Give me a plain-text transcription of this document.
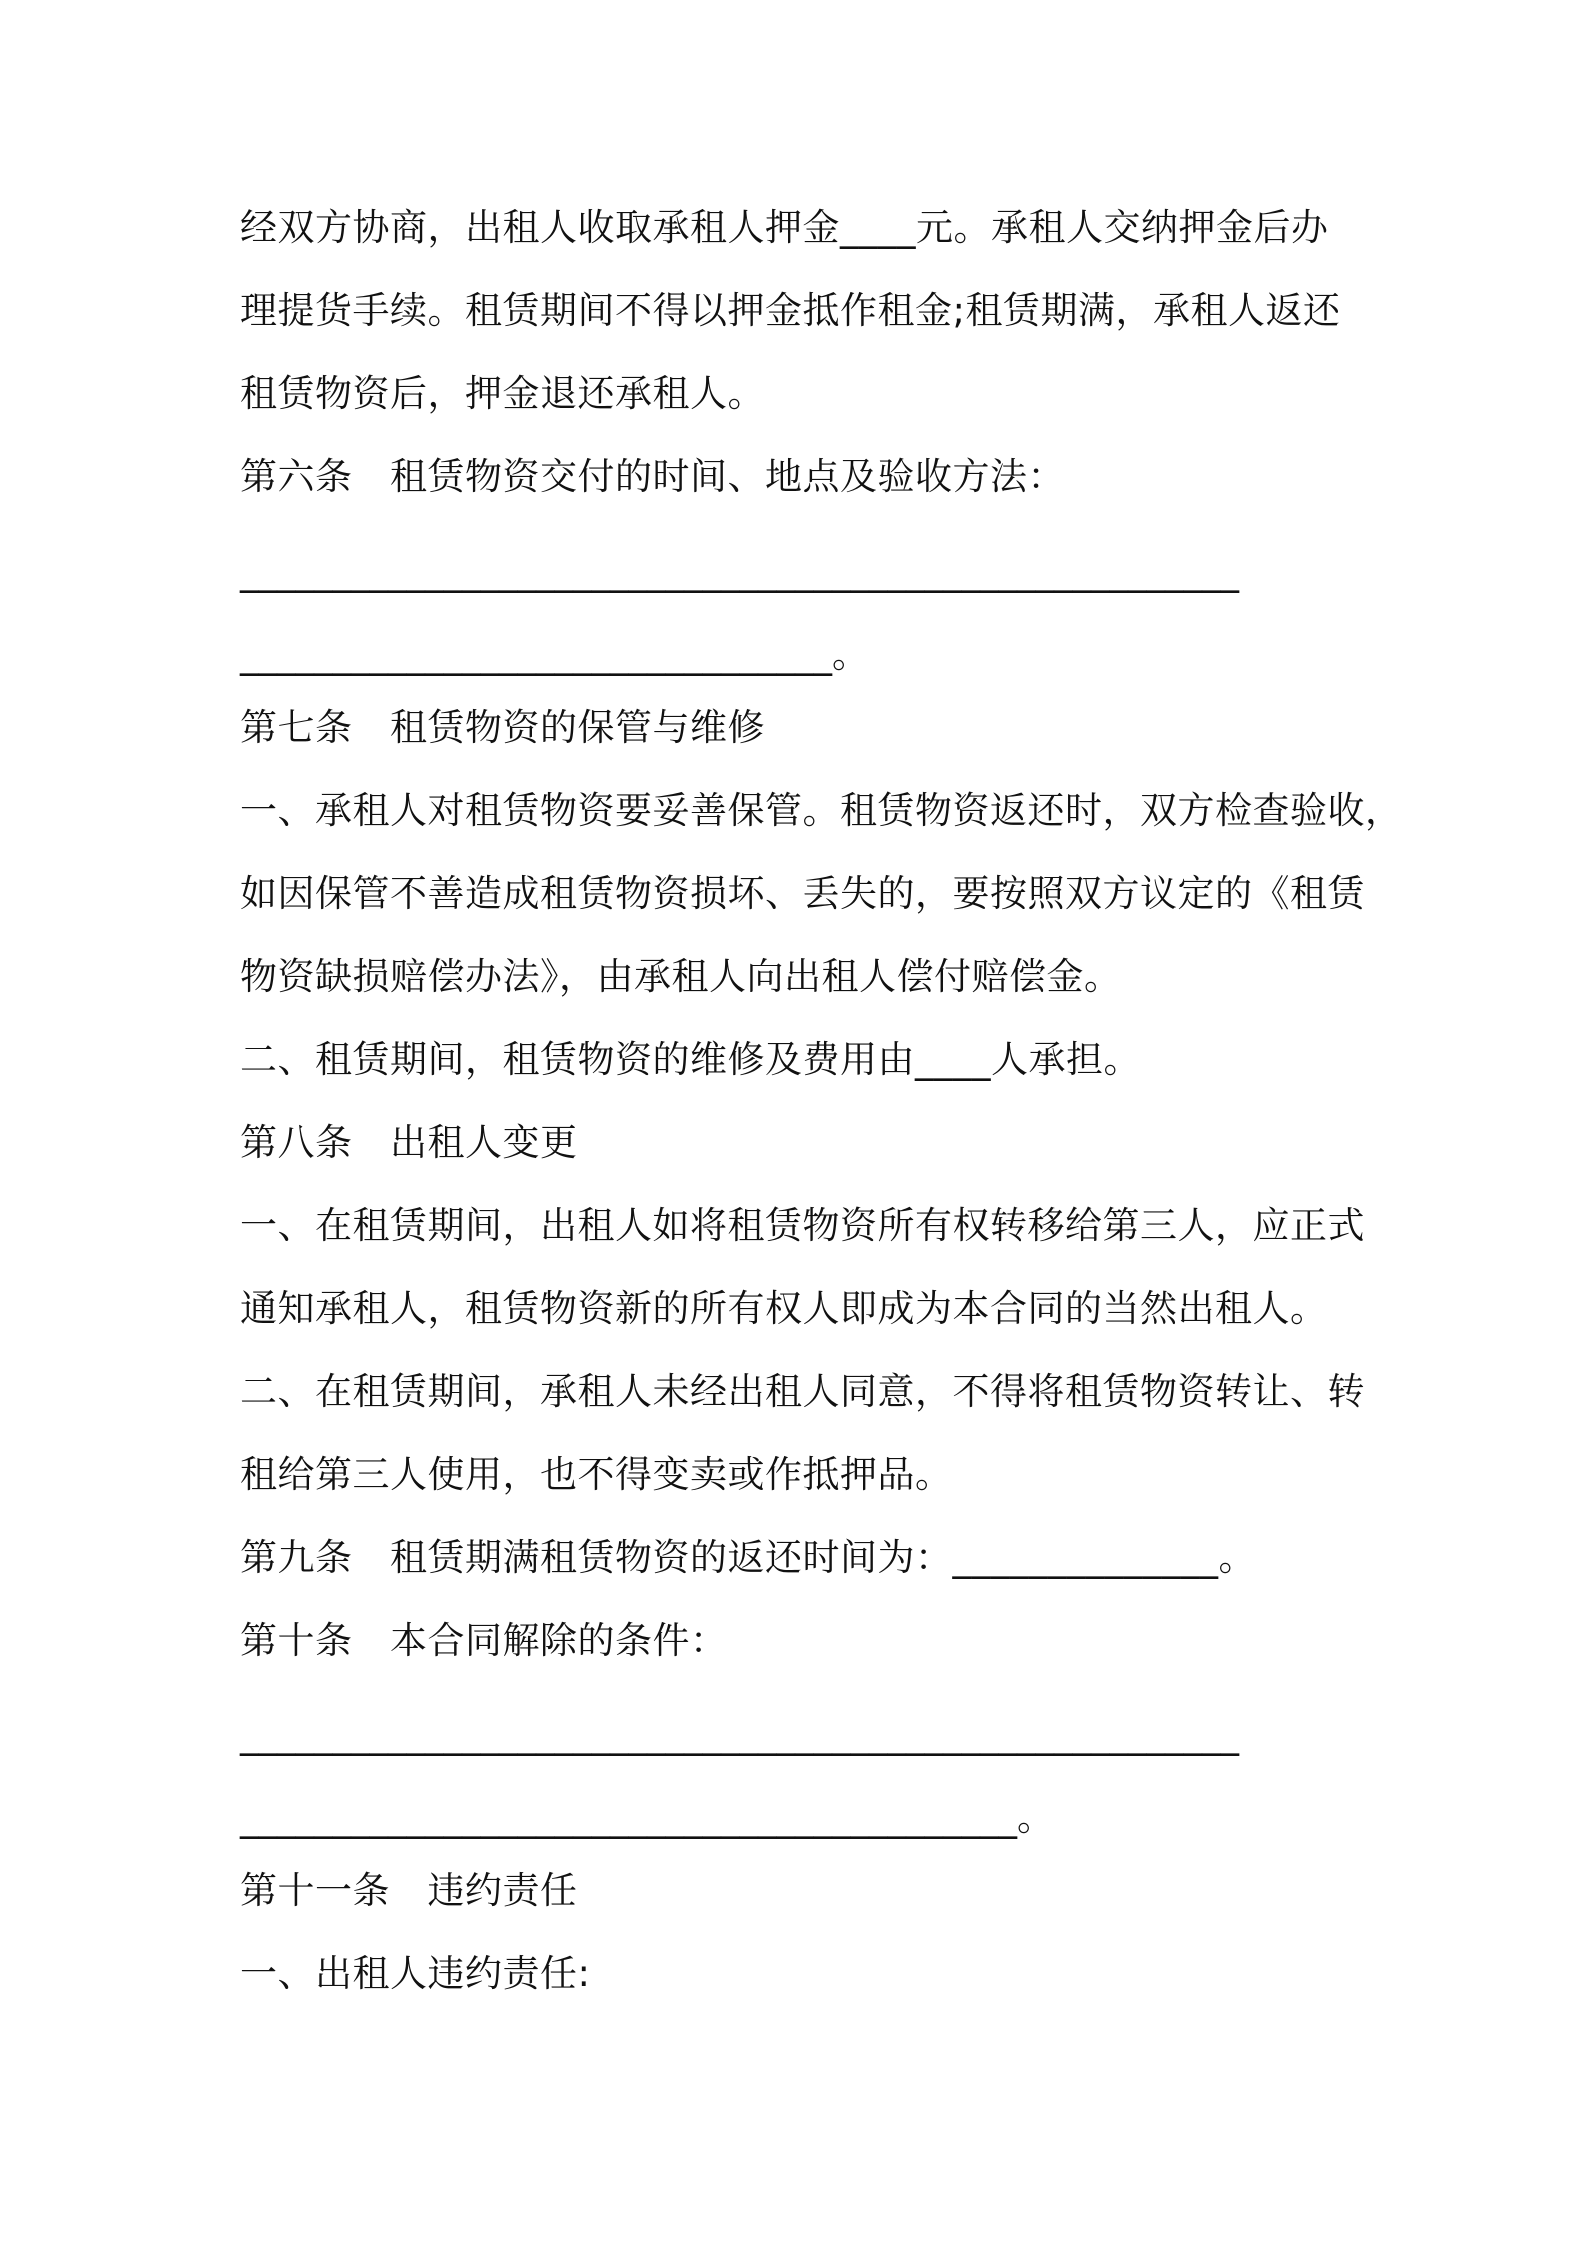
经双方协商，出租人收取承租人押金____元。承租人交纳押金后办
理提货手续。租赁期间不得以押金抵作租金;租赁期满，承租人返还
租赁物资后，押金退还承租人。
第六条　租赁物资交付的时间、地点及验收方法：
______________________________________________________
________________________________。
第七条　租赁物资的保管与维修
一、承租人对租赁物资要妥善保管。租赁物资返还时，双方检查验收，
如因保管不善造成租赁物资损坏、丢失的，要按照双方议定的《租赁
物资缺损赔偿办法》，由承租人向出租人偿付赔偿金。
二、租赁期间，租赁物资的维修及费用由____人承担。
第八条　出租人变更
一、在租赁期间，出租人如将租赁物资所有权转移给第三人，应正式
通知承租人，租赁物资新的所有权人即成为本合同的当然出租人。
二、在租赁期间，承租人未经出租人同意，不得将租赁物资转让、转
租给第三人使用，也不得变卖或作抵押品。
第九条　租赁期满租赁物资的返还时间为：______________。
第十条　本合同解除的条件：
______________________________________________________
__________________________________________。
第十一条　违约责任
一、出租人违约责任:
